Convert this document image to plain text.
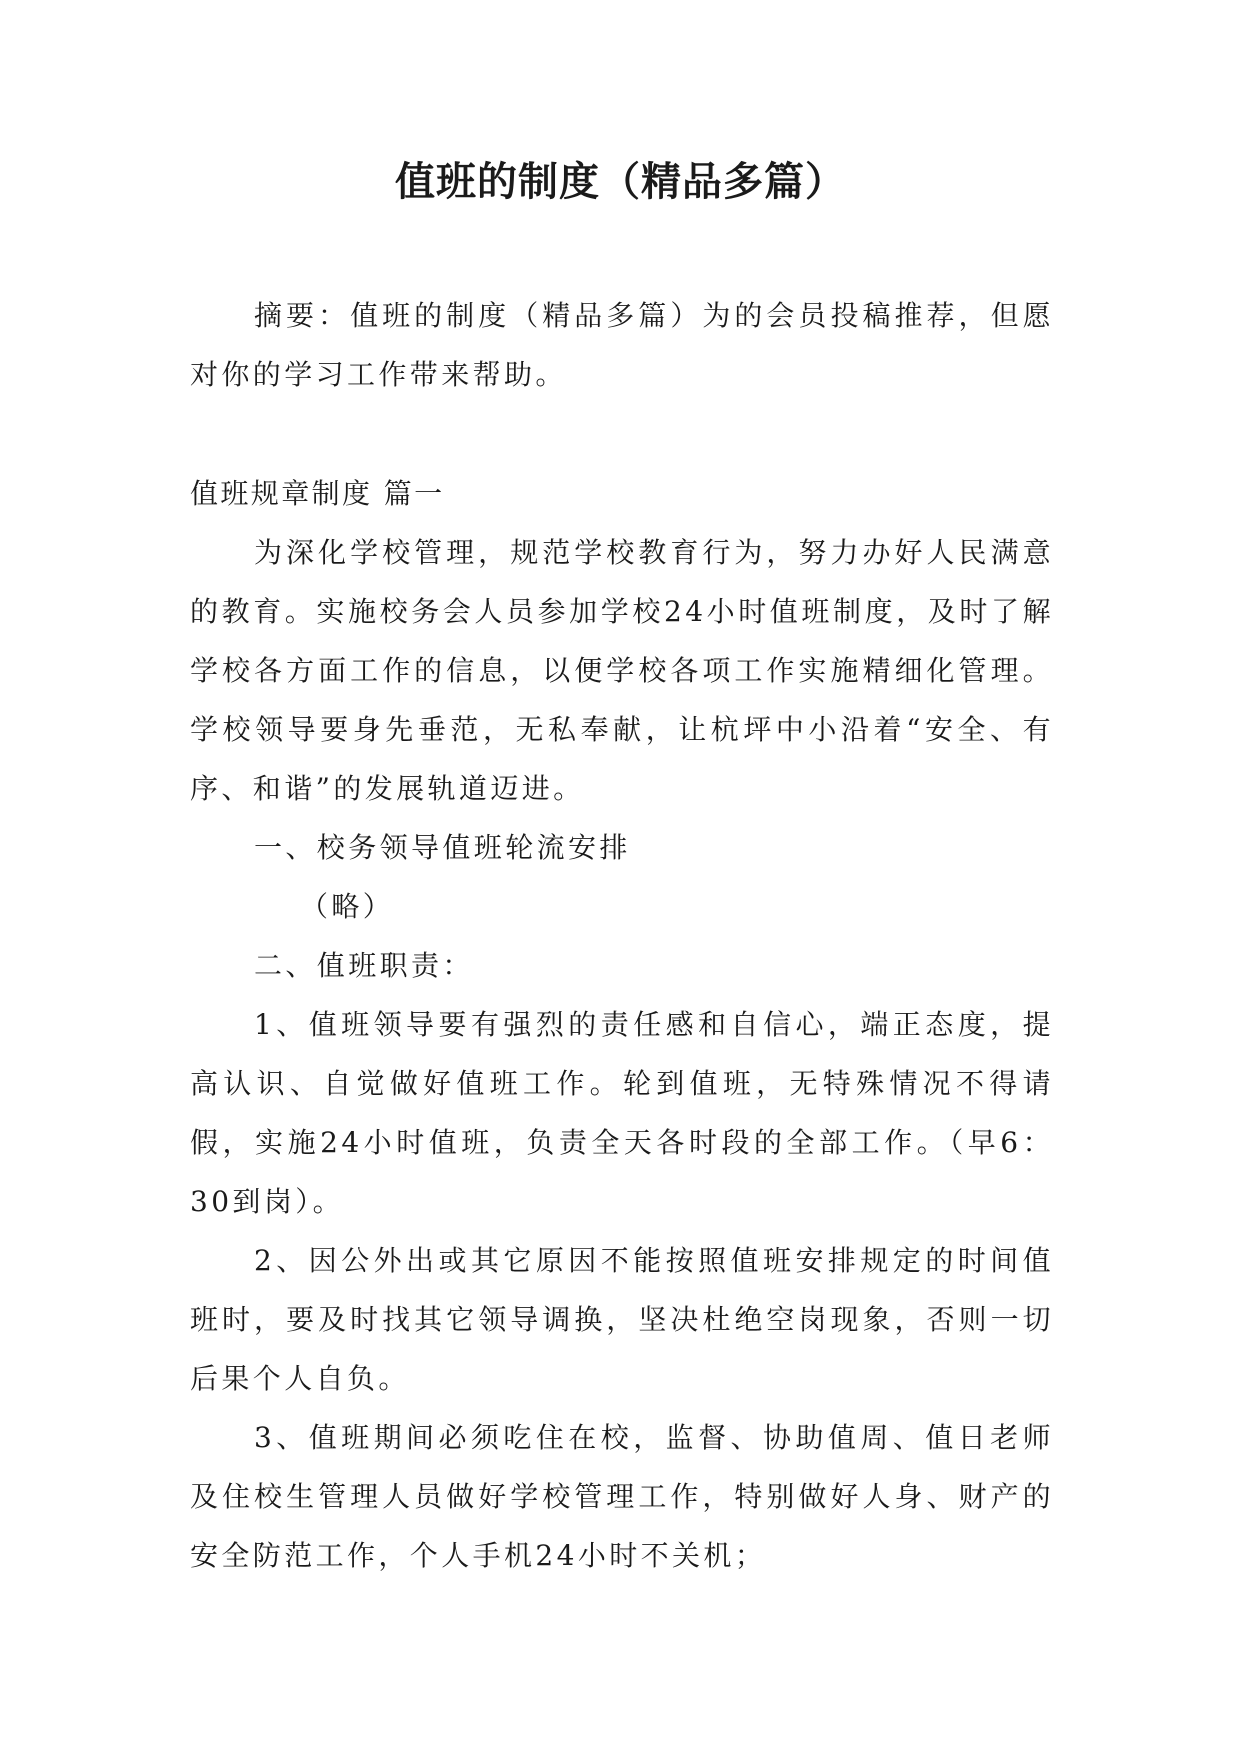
值班的制度（精品多篇）

摘要：值班的制度（精品多篇）为的会员投稿推荐，但愿对你的学习工作带来帮助。

值班规章制度 篇一

为深化学校管理，规范学校教育行为，努力办好人民满意的教育。实施校务会人员参加学校24小时值班制度，及时了解学校各方面工作的信息，以便学校各项工作实施精细化管理。学校领导要身先垂范，无私奉献，让杭坪中小沿着“安全、有序、和谐”的发展轨道迈进。

一、校务领导值班轮流安排

（略）

二、值班职责：

1、值班领导要有强烈的责任感和自信心，端正态度，提高认识、自觉做好值班工作。轮到值班，无特殊情况不得请假，实施24小时值班，负责全天各时段的全部工作。（早6：30到岗）。

2、因公外出或其它原因不能按照值班安排规定的时间值班时，要及时找其它领导调换，坚决杜绝空岗现象，否则一切后果个人自负。

3、值班期间必须吃住在校，监督、协助值周、值日老师及住校生管理人员做好学校管理工作，特别做好人身、财产的安全防范工作，个人手机24小时不关机；
